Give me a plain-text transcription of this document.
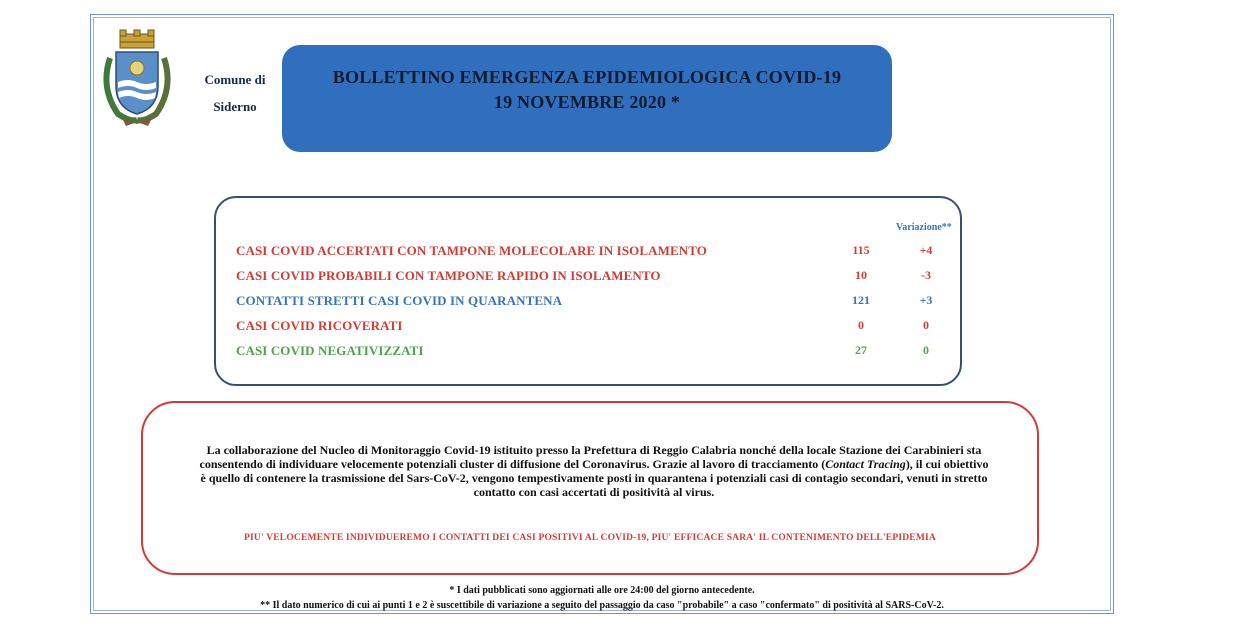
Comune di
Siderno
BOLLETTINO EMERGENZA EPIDEMIOLOGICA COVID-19
19 NOVEMBRE 2020 *
Variazione**
CASI COVID ACCERTATI CON TAMPONE MOLECOLARE IN ISOLAMENTO	115	+4
CASI COVID PROBABILI CON TAMPONE RAPIDO IN ISOLAMENTO	10	-3
CONTATTI STRETTI CASI COVID IN QUARANTENA	121	+3
CASI COVID RICOVERATI	0	0
CASI COVID NEGATIVIZZATI	27	0
La collaborazione del Nucleo di Monitoraggio Covid-19 istituito presso la Prefettura di Reggio Calabria nonché della locale Stazione dei Carabinieri sta consentendo di individuare velocemente potenziali cluster di diffusione del Coronavirus. Grazie al lavoro di tracciamento (Contact Tracing), il cui obiettivo è quello di contenere la trasmissione del Sars-CoV-2, vengono tempestivamente posti in quarantena i potenziali casi di contagio secondari, venuti in stretto contatto con casi accertati di positività al virus.
PIU' VELOCEMENTE INDIVIDUEREMO I CONTATTI DEI CASI POSITIVI AL COVID-19, PIU' EFFICACE SARA' IL CONTENIMENTO DELL'EPIDEMIA
* I dati pubblicati sono aggiornati alle ore 24:00 del giorno antecedente.
** Il dato numerico di cui ai punti 1 e 2 è suscettibile di variazione a seguito del passaggio da caso "probabile" a caso "confermato" di positività al SARS-CoV-2.
